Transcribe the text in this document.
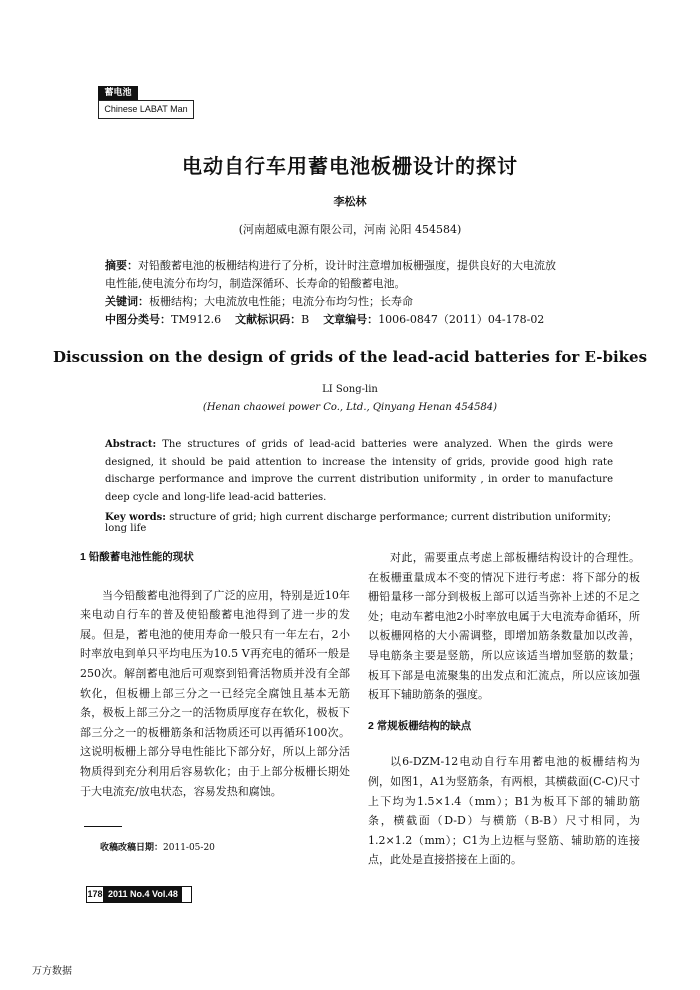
蓄电池
Chinese LABAT Man
电动自行车用蓄电池板栅设计的探讨
李松林
(河南超威电源有限公司，河南 沁阳 454584)
摘要：对铅酸蓄电池的板栅结构进行了分析，设计时注意增加板栅强度，提供良好的大电流放
电性能,使电流分布均匀，制造深循环、长寿命的铅酸蓄电池。
关键词：板栅结构；大电流放电性能；电流分布均匀性；长寿命
中图分类号：TM912.6 文献标识码：B 文章编号：1006-0847（2011）04-178-02
Discussion on the design of grids of the lead-acid batteries for E-bikes
LI Song-lin
(Henan chaowei power Co., Ltd., Qinyang Henan 454584)
Abstract: The structures of grids of lead-acid batteries were analyzed. When the girds were designed, it should be paid attention to increase the intensity of grids, provide good high rate discharge performance and improve the current distribution uniformity , in order to manufacture deep cycle and long-life lead-acid batteries.
Key words: structure of grid; high current discharge performance; current distribution uniformity; long life
1 铅酸蓄电池性能的现状

当今铅酸蓄电池得到了广泛的应用，特别是近10年来电动自行车的普及使铅酸蓄电池得到了进一步的发展。但是，蓄电池的使用寿命一般只有一年左右，2小时率放电到单只平均电压为10.5 V再充电的循环一般是250次。解剖蓄电池后可观察到铅膏活物质并没有全部软化，但板栅上部三分之一已经完全腐蚀且基本无筋条，极板上部三分之一的活物质厚度存在软化，极板下部三分之一的板栅筋条和活物质还可以再循环100次。这说明板栅上部分导电性能比下部分好，所以上部分活物质得到充分利用后容易软化；由于上部分板栅长期处于大电流充/放电状态，容易发热和腐蚀。

收稿改稿日期：2011-05-20

对此，需要重点考虑上部板栅结构设计的合理性。在板栅重量成本不变的情况下进行考虑：将下部分的板栅铅量移一部分到极板上部可以适当弥补上述的不足之处；电动车蓄电池2小时率放电属于大电流寿命循环，所以板栅网格的大小需调整，即增加筋条数量加以改善，导电筋条主要是竖筋，所以应该适当增加竖筋的数量；板耳下部是电流聚集的出发点和汇流点，所以应该加强板耳下辅助筋条的强度。

2 常规板栅结构的缺点

以6-DZM-12电动自行车用蓄电池的板栅结构为例，如图1，A1为竖筋条，有两根，其横截面(C-C)尺寸上下均为1.5×1.4（mm）；B1为板耳下部的辅助筋条，横截面（D-D）与横筋（B-B）尺寸相同，为1.2×1.2（mm）；C1为上边框与竖筋、辅助筋的连接点，此处是直接搭接在上面的。

178 2011 No.4 Vol.48
万方数据
